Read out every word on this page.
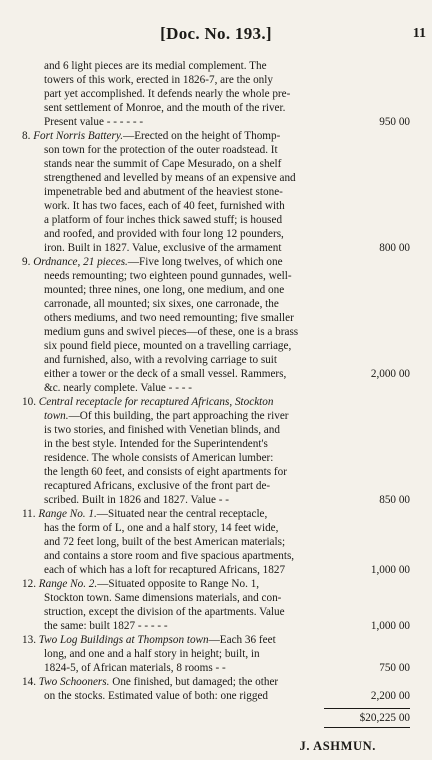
[Doc. No. 193.]	11
and 6 light pieces are its medial complement. The
towers of this work, erected in 1826-7, are the only
part yet accomplished. It defends nearly the whole pre-
sent settlement of Monroe, and the mouth of the river.
Present value - - - - - -
8. Fort Norris Battery.—Erected on the height of Thomp-
son town for the protection of the outer roadstead. It
stands near the summit of Cape Mesurado, on a shelf
strengthened and levelled by means of an expensive and
impenetrable bed and abutment of the heaviest stone-
work. It has two faces, each of 40 feet, furnished with
a platform of four inches thick sawed stuff; is housed
and roofed, and provided with four long 12 pounders,
iron. Built in 1827. Value, exclusive of the armament
9. Ordnance, 21 pieces.—Five long twelves, of which one
needs remounting; two eighteen pound gunnades, well-
mounted; three nines, one long, one medium, and one
carronade, all mounted; six sixes, one carronade, the
others mediums, and two need remounting; five smaller
medium guns and swivel pieces—of these, one is a brass
six pound field piece, mounted on a travelling carriage,
and furnished, also, with a revolving carriage to suit
either a tower or the deck of a small vessel. Rammers,
&c. nearly complete. Value - - - -
10. Central receptacle for recaptured Africans, Stockton
town.—Of this building, the part approaching the river
is two stories, and finished with Venetian blinds, and
in the best style. Intended for the Superintendent's
residence. The whole consists of American lumber:
the length 60 feet, and consists of eight apartments for
recaptured Africans, exclusive of the front part de-
scribed. Built in 1826 and 1827. Value - -
11. Range No. 1.—Situated near the central receptacle,
has the form of L, one and a half story, 14 feet wide,
and 72 feet long, built of the best American materials;
and contains a store room and five spacious apartments,
each of which has a loft for recaptured Africans, 1827
12. Range No. 2.—Situated opposite to Range No. 1,
Stockton town. Same dimensions materials, and con-
struction, except the division of the apartments. Value
the same: built 1827 - - - - -
13. Two Log Buildings at Thompson town—Each 36 feet
long, and one and a half story in height; built, in
1824-5, of African materials, 8 rooms - -
14. Two Schooners. One finished, but damaged; the other
on the stocks. Estimated value of both: one rigged
950 00
800 00
2,000 00
850 00
1,000 00
1,000 00
750 00
2,200 00
$20,225 00
J. ASHMUN.
